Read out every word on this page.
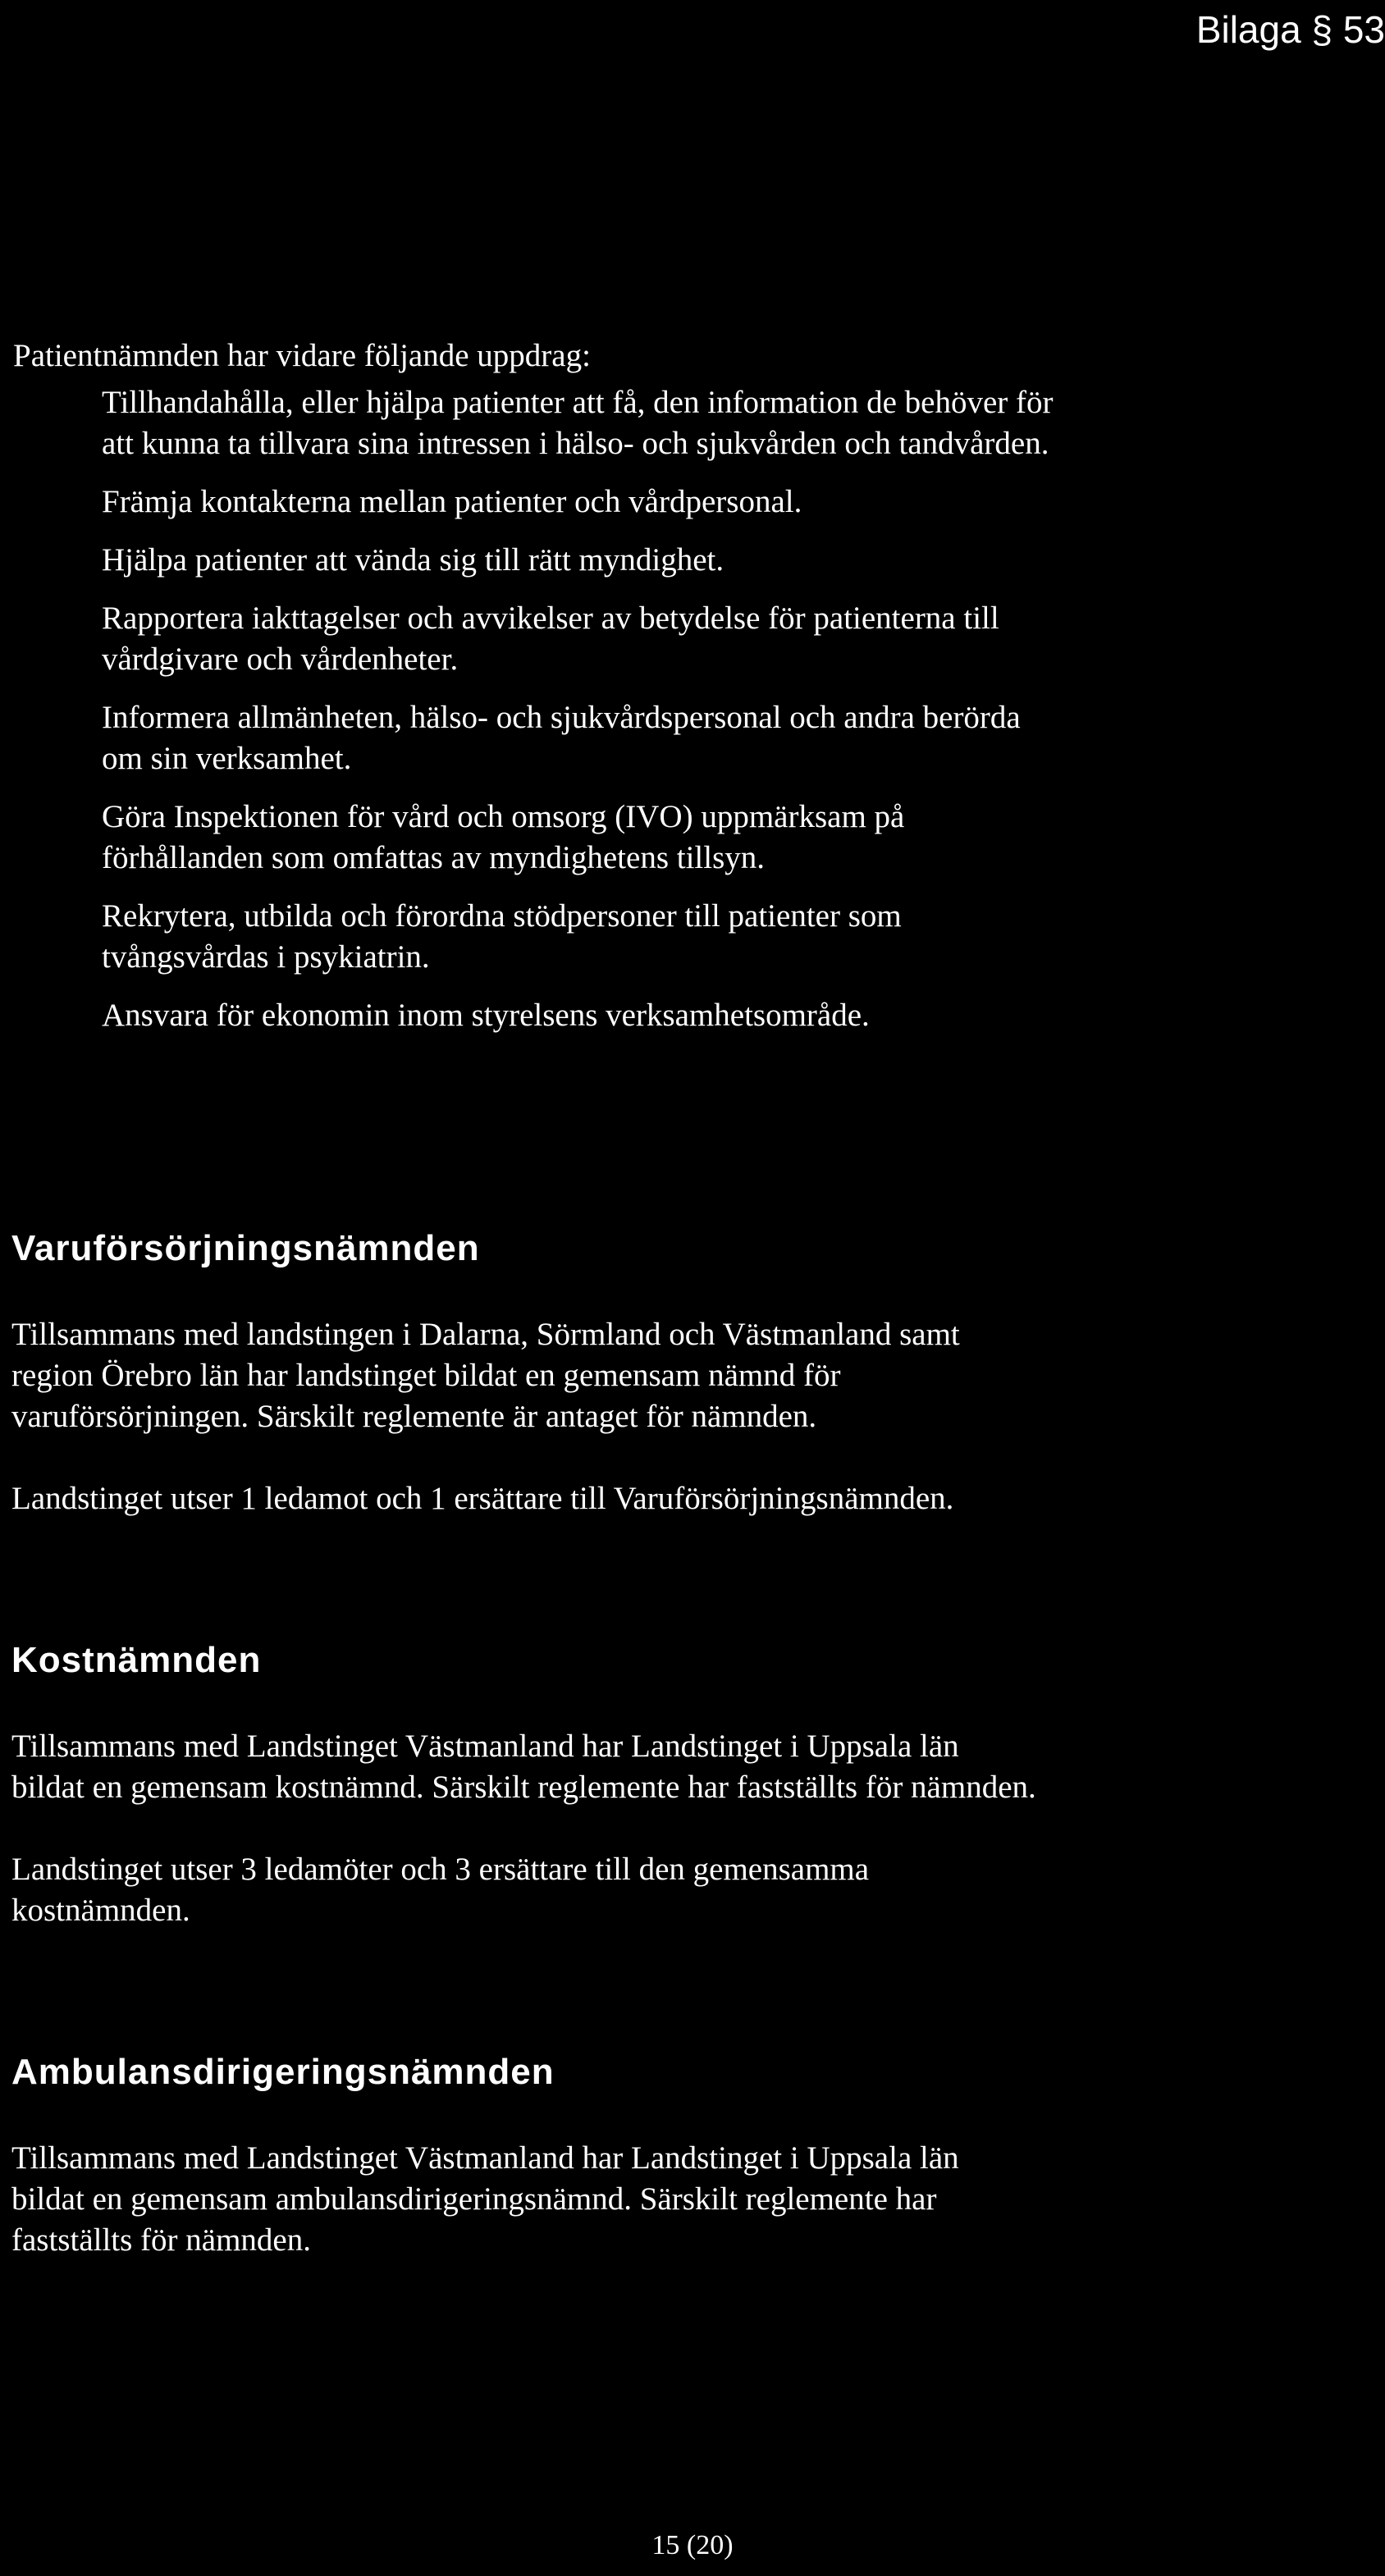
Bilaga § 53

Patientnämnden har vidare följande uppdrag:

Tillhandahålla, eller hjälpa patienter att få, den information de behöver för
att kunna ta tillvara sina intressen i hälso- och sjukvården och tandvården.
Främja kontakterna mellan patienter och vårdpersonal.
Hjälpa patienter att vända sig till rätt myndighet.
Rapportera iakttagelser och avvikelser av betydelse för patienterna till
vårdgivare och vårdenheter.
Informera allmänheten, hälso- och sjukvårdspersonal och andra berörda
om sin verksamhet.
Göra Inspektionen för vård och omsorg (IVO) uppmärksam på
förhållanden som omfattas av myndighetens tillsyn.
Rekrytera, utbilda och förordna stödpersoner till patienter som
tvångsvårdas i psykiatrin.
Ansvara för ekonomin inom styrelsens verksamhetsområde.
Varuförsörjningsnämnden

Tillsammans med landstingen i Dalarna, Sörmland och Västmanland samt
region Örebro län har landstinget bildat en gemensam nämnd för
varuförsörjningen. Särskilt reglemente är antaget för nämnden.

Landstinget utser 1 ledamot och 1 ersättare till Varuförsörjningsnämnden.

Kostnämnden

Tillsammans med Landstinget Västmanland har Landstinget i Uppsala län
bildat en gemensam kostnämnd. Särskilt reglemente har fastställts för nämnden.

Landstinget utser 3 ledamöter och 3 ersättare till den gemensamma
kostnämnden.

Ambulansdirigeringsnämnden

Tillsammans med Landstinget Västmanland har Landstinget i Uppsala län
bildat en gemensam ambulansdirigeringsnämnd. Särskilt reglemente har
fastställts för nämnden.

15 (20)
